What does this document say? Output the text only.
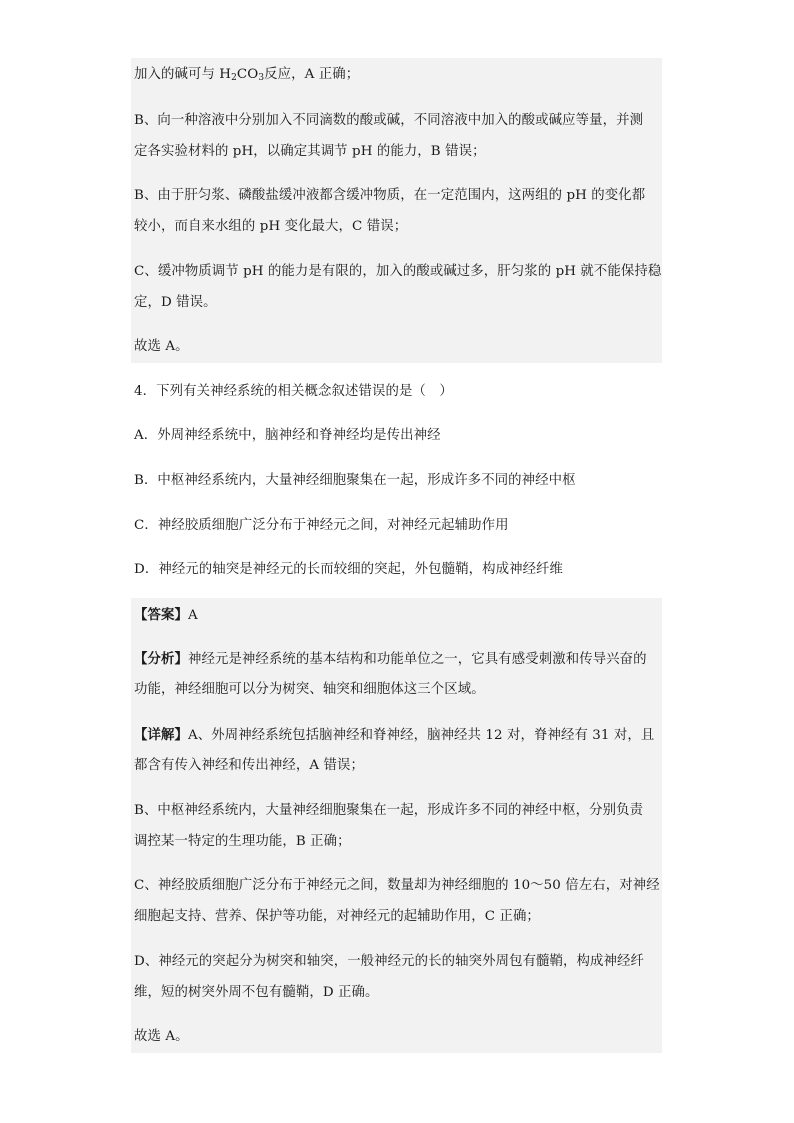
加入的碱可与 $H_2CO_3$反应，A 正确；
B、向一种溶液中分别加入不同滴数的酸或碱，不同溶液中加入的酸或碱应等量，并测
定各实验材料的 pH，以确定其调节 pH 的能力，B 错误；
B、由于肝匀浆、磷酸盐缓冲液都含缓冲物质，在一定范围内，这两组的 pH 的变化都
较小，而自来水组的 pH 变化最大，C 错误；
C、缓冲物质调节 pH 的能力是有限的，加入的酸或碱过多，肝匀浆的 pH 就不能保持稳
定，D 错误。
故选 A。
4．下列有关神经系统的相关概念叙述错误的是（　）
A．外周神经系统中，脑神经和脊神经均是传出神经
B．中枢神经系统内，大量神经细胞聚集在一起，形成许多不同的神经中枢
C．神经胶质细胞广泛分布于神经元之间，对神经元起辅助作用
D．神经元的轴突是神经元的长而较细的突起，外包髓鞘，构成神经纤维
【答案】A
【分析】神经元是神经系统的基本结构和功能单位之一，它具有感受刺激和传导兴奋的
功能，神经细胞可以分为树突、轴突和细胞体这三个区域。
【详解】A、外周神经系统包括脑神经和脊神经，脑神经共 12 对，脊神经有 31 对，且
都含有传入神经和传出神经，A 错误；
B、中枢神经系统内，大量神经细胞聚集在一起，形成许多不同的神经中枢，分别负责
调控某一特定的生理功能，B 正确；
C、神经胶质细胞广泛分布于神经元之间，数量却为神经细胞的 10～50 倍左右，对神经
细胞起支持、营养、保护等功能，对神经元的起辅助作用，C 正确；
D、神经元的突起分为树突和轴突，一般神经元的长的轴突外周包有髓鞘，构成神经纤
维，短的树突外周不包有髓鞘，D 正确。
故选 A。
